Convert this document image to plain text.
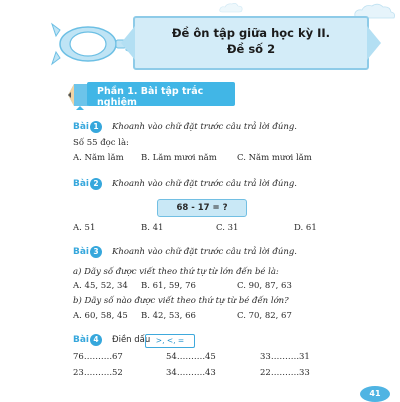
Đề ôn tập giữa học kỳ II.
Đề số 2
Phần 1. Bài tập trắc nghiệm
Bài 1	Khoanh vào chữ đặt trước câu trả lời đúng.
Số 55 đọc là:
A. Năm lăm B. Lăm mươi năm C. Năm mươi lăm
Bài 2	Khoanh vào chữ đặt trước câu trả lời đúng.
68 - 17 = ?
A. 51	B. 41	C. 31	D. 61
Bài 3	Khoanh vào chữ đặt trước câu trả lời đúng.
a) Dãy số được viết theo thứ tự từ lớn đến bé là:
A. 45, 52, 34 B. 61, 59, 76	C. 90, 87, 63
b) Dãy số nào được viết theo thứ tự từ bé đến lớn?
A. 60, 58, 45 B. 42, 53, 66	C. 70, 82, 67
Bài 4	Điền dấu >, <, =
76……….67	54……….45	33……….31
23……….52	34……….43	22……….33
41
